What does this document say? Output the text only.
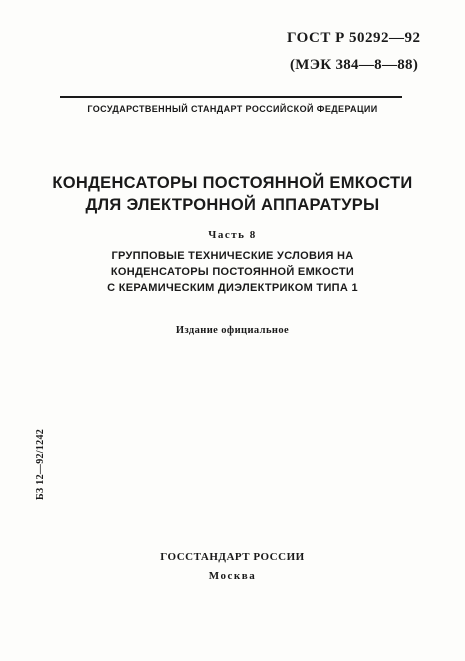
ГОСТ Р 50292—92
(МЭК 384—8—88)
ГОСУДАРСТВЕННЫЙ СТАНДАРТ РОССИЙСКОЙ ФЕДЕРАЦИИ
КОНДЕНСАТОРЫ ПОСТОЯННОЙ ЕМКОСТИ
ДЛЯ ЭЛЕКТРОННОЙ АППАРАТУРЫ
Часть 8
ГРУППОВЫЕ ТЕХНИЧЕСКИЕ УСЛОВИЯ НА
КОНДЕНСАТОРЫ ПОСТОЯННОЙ ЕМКОСТИ
С КЕРАМИЧЕСКИМ ДИЭЛЕКТРИКОМ ТИПА 1
Издание официальное
БЗ 12—92/1242
ГОССТАНДАРТ РОССИИ
Москва
